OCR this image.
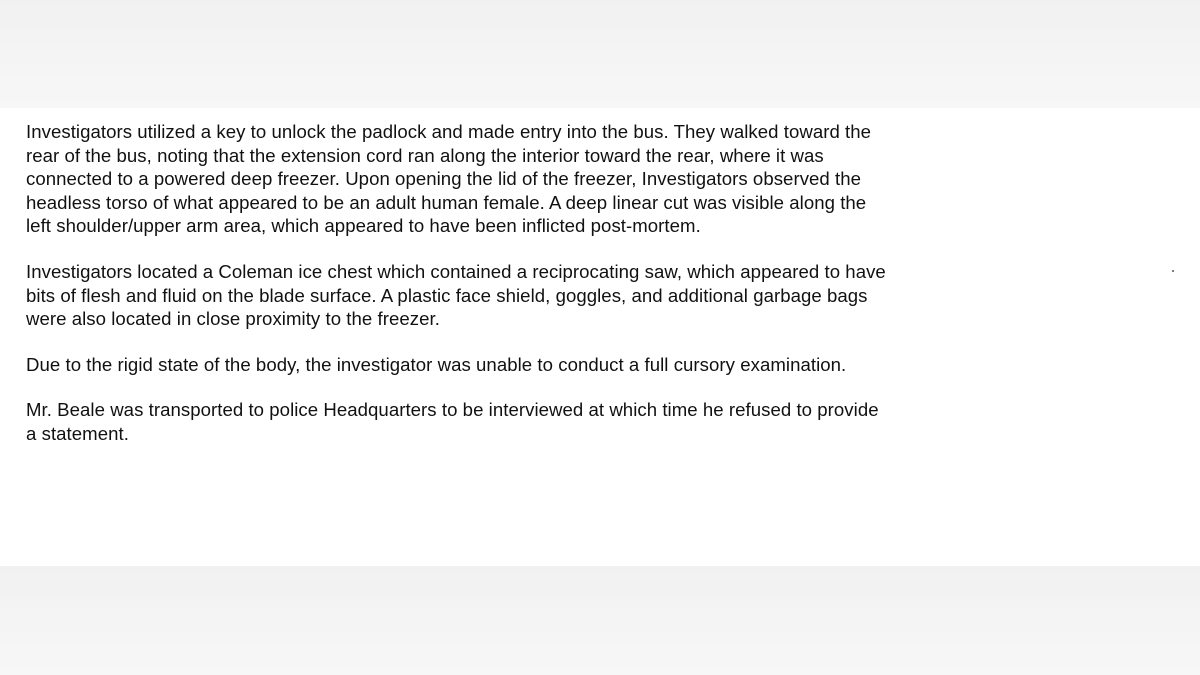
Investigators utilized a key to unlock the padlock and made entry into the bus. They walked toward the
rear of the bus, noting that the extension cord ran along the interior toward the rear, where it was
connected to a powered deep freezer. Upon opening the lid of the freezer, Investigators observed the
headless torso of what appeared to be an adult human female. A deep linear cut was visible along the
left shoulder/upper arm area, which appeared to have been inflicted post-mortem.

Investigators located a Coleman ice chest which contained a reciprocating saw, which appeared to have
bits of flesh and fluid on the blade surface. A plastic face shield, goggles, and additional garbage bags
were also located in close proximity to the freezer.

Due to the rigid state of the body, the investigator was unable to conduct a full cursory examination.

Mr. Beale was transported to police Headquarters to be interviewed at which time he refused to provide
a statement.
